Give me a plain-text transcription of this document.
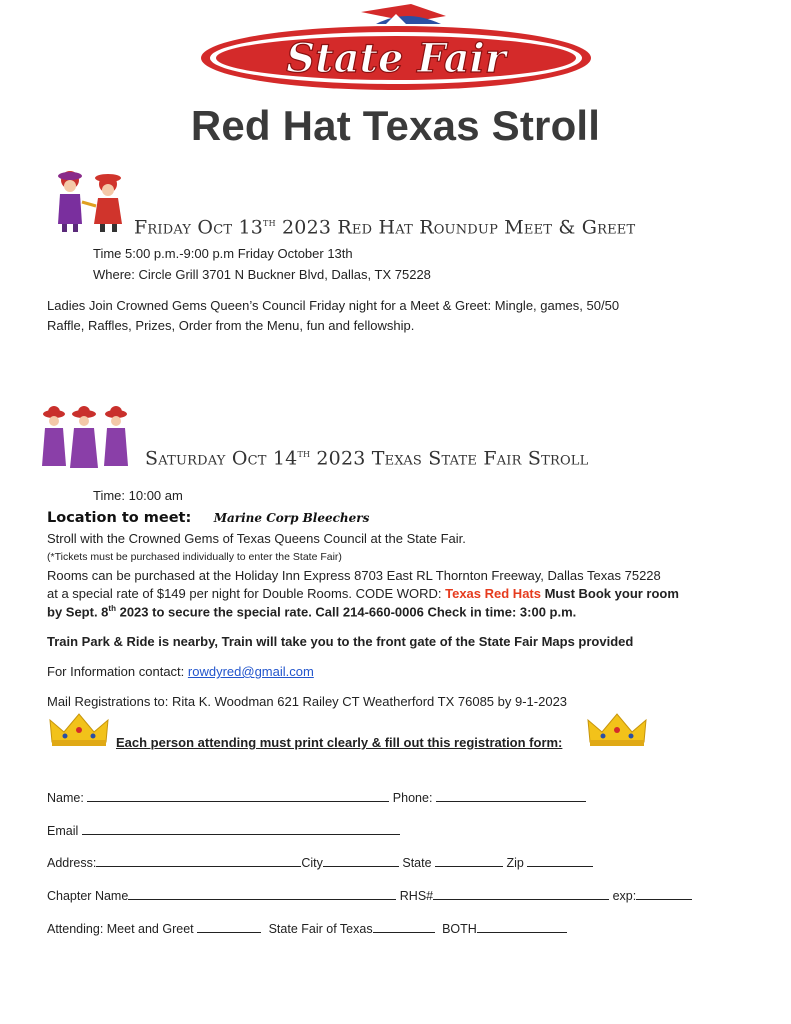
State Fair
Red Hat Texas Stroll
Friday Oct 13th 2023 Red Hat Roundup Meet & Greet
Time 5:00 p.m.-9:00 p.m Friday October 13th
Where: Circle Grill 3701 N Buckner Blvd, Dallas, TX 75228
Ladies Join Crowned Gems Queen’s Council Friday night for a Meet & Greet: Mingle, games, 50/50
Raffle, Raffles, Prizes, Order from the Menu, fun and fellowship.
Saturday Oct 14th 2023 Texas State Fair Stroll
Time: 10:00 am
Location to meet: Marine Corp Bleechers
Stroll with the Crowned Gems of Texas Queens Council at the State Fair.
(*Tickets must be purchased individually to enter the State Fair)
Rooms can be purchased at the Holiday Inn Express 8703 East RL Thornton Freeway, Dallas Texas 75228
at a special rate of $149 per night for Double Rooms. CODE WORD: Texas Red Hats Must Book your room
by Sept. 8th 2023 to secure the special rate. Call 214-660-0006 Check in time: 3:00 p.m.
Train Park & Ride is nearby, Train will take you to the front gate of the State Fair Maps provided
For Information contact: rowdyred@gmail.com
Mail Registrations to: Rita K. Woodman 621 Railey CT Weatherford TX 76085 by 9-1-2023
Each person attending must print clearly & fill out this registration form:
Name:	Phone:
Email
Address:	City	State	Zip
Chapter Name	RHS#	exp:
Attending: Meet and Greet	State Fair of Texas	BOTH
